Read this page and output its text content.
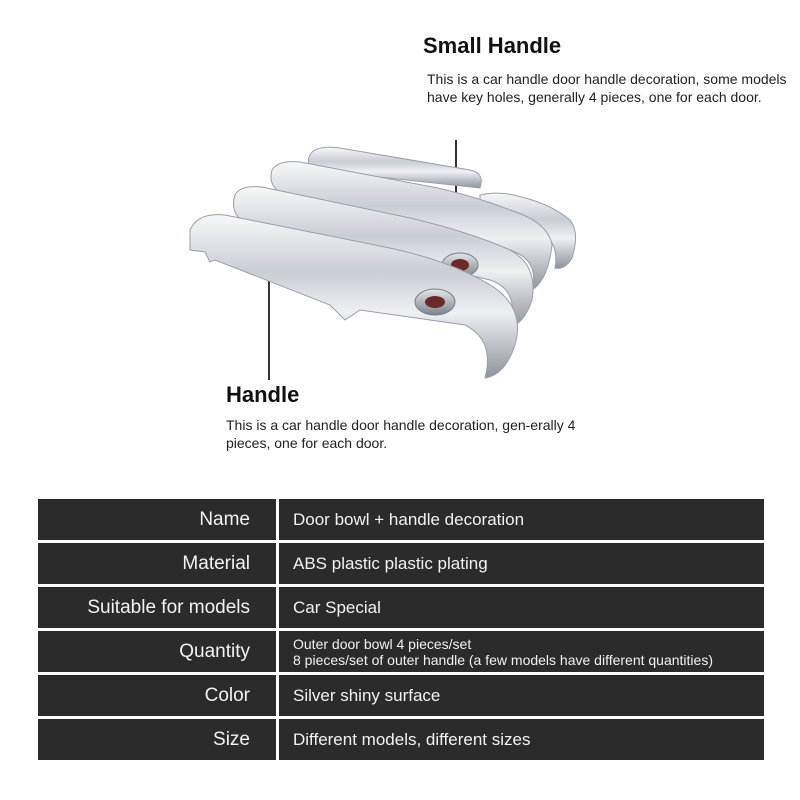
Small Handle

This is a car handle door handle decoration, some models have key holes, generally 4 pieces, one for each door.

Handle

This is a car handle door handle decoration, gen-erally 4 pieces, one for each door.

Name	Door bowl + handle decoration
Material	ABS plastic plastic plating
Suitable for models	Car Special
Quantity	Outer door bowl 4 pieces/set
8 pieces/set of outer handle (a few models have different quantities)

Color	Silver shiny surface
Size	Different models, different sizes
